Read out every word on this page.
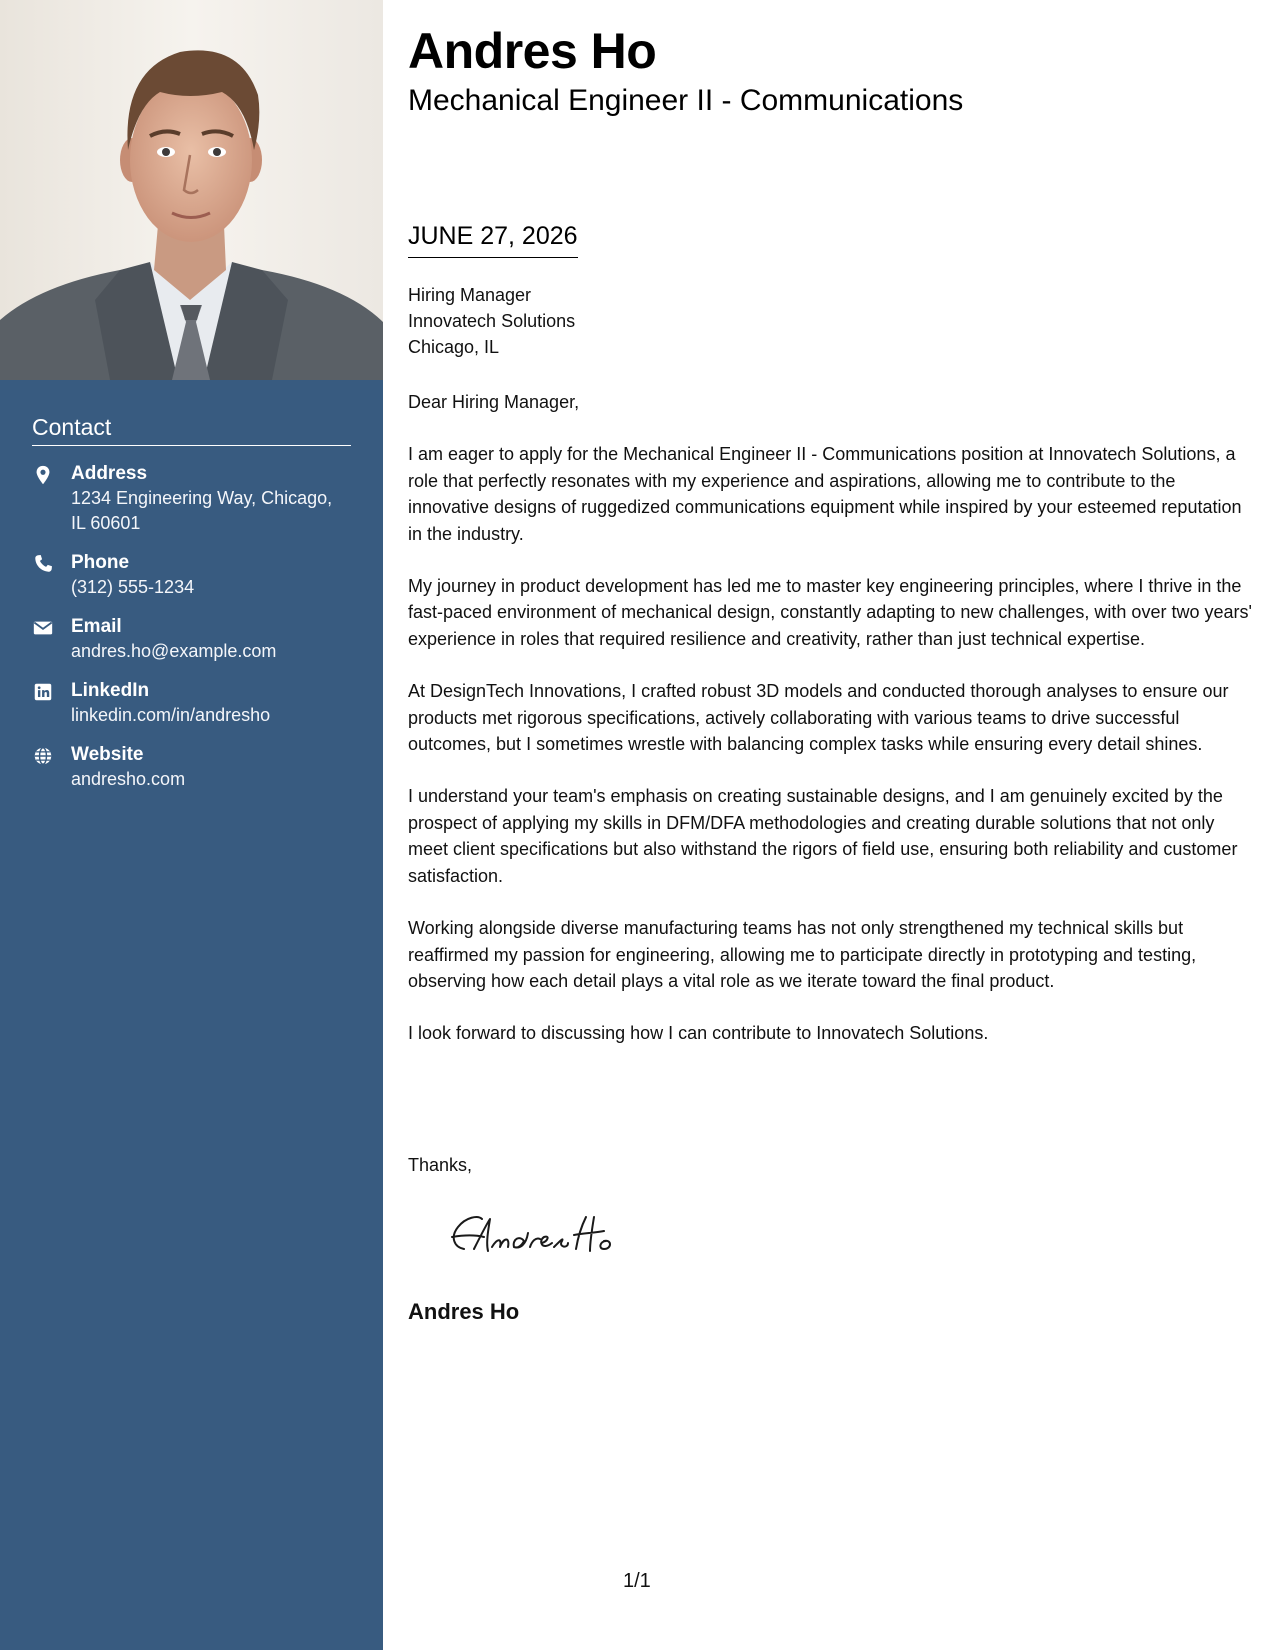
Contact
Address
1234 Engineering Way, Chicago, IL 60601
Phone
(312) 555-1234
Email
andres.ho@example.com
LinkedIn
linkedin.com/in/andresho
Website
andresho.com
Andres Ho
Mechanical Engineer II - Communications
JUNE 27, 2026
Hiring Manager
Innovatech Solutions
Chicago, IL

Dear Hiring Manager,

I am eager to apply for the Mechanical Engineer II - Communications position at Innovatech Solutions, a role that perfectly resonates with my experience and aspirations, allowing me to contribute to the innovative designs of ruggedized communications equipment while inspired by your esteemed reputation in the industry.

My journey in product development has led me to master key engineering principles, where I thrive in the fast-paced environment of mechanical design, constantly adapting to new challenges, with over two years' experience in roles that required resilience and creativity, rather than just technical expertise.

At DesignTech Innovations, I crafted robust 3D models and conducted thorough analyses to ensure our products met rigorous specifications, actively collaborating with various teams to drive successful outcomes, but I sometimes wrestle with balancing complex tasks while ensuring every detail shines.

I understand your team's emphasis on creating sustainable designs, and I am genuinely excited by the prospect of applying my skills in DFM/DFA methodologies and creating durable solutions that not only meet client specifications but also withstand the rigors of field use, ensuring both reliability and customer satisfaction.

Working alongside diverse manufacturing teams has not only strengthened my technical skills but reaffirmed my passion for engineering, allowing me to participate directly in prototyping and testing, observing how each detail plays a vital role as we iterate toward the final product.

I look forward to discussing how I can contribute to Innovatech Solutions.

Thanks,
Andres Ho
1/1
